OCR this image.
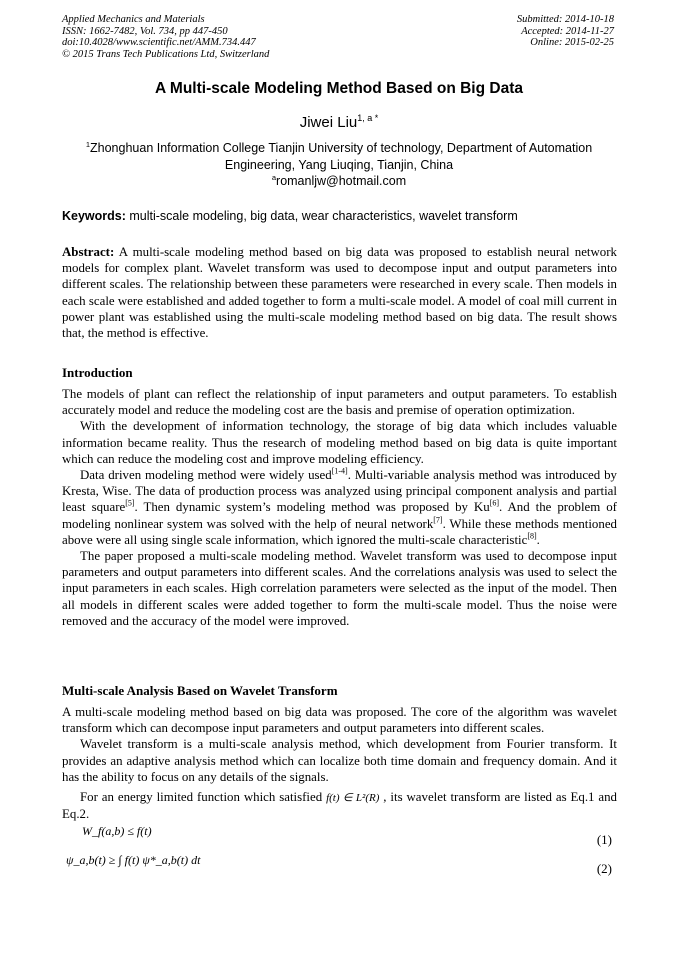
Applied Mechanics and Materials
ISSN: 1662-7482, Vol. 734, pp 447-450
doi:10.4028/www.scientific.net/AMM.734.447
© 2015 Trans Tech Publications Ltd, Switzerland
Submitted: 2014-10-18
Accepted: 2014-11-27
Online: 2015-02-25
A Multi-scale Modeling Method Based on Big Data
Jiwei Liu$^{1, a *}$
$^1$Zhonghuan Information College Tianjin University of technology, Department of Automation
Engineering, Yang Liuqing, Tianjin, China
$^a$romanljw@hotmail.com
Keywords: multi-scale modeling, big data, wear characteristics, wavelet transform

Abstract: A multi-scale modeling method based on big data was proposed to establish neural network models for complex plant. Wavelet transform was used to decompose input and output parameters into different scales. The relationship between these parameters were researched in every scale. Then models in each scale were established and added together to form a multi-scale model. A model of coal mill current in power plant was established using the multi-scale modeling method based on big data. The result shows that, the method is effective.

Introduction

The models of plant can reflect the relationship of input parameters and output parameters. To establish accurately model and reduce the modeling cost are the basis and premise of operation optimization.

With the development of information technology, the storage of big data which includes valuable information became reality. Thus the research of modeling method based on big data is quite important which can reduce the modeling cost and improve modeling efficiency.

Data driven modeling method were widely used[1-4]. Multi-variable analysis method was introduced by Kresta, Wise. The data of production process was analyzed using principal component analysis and partial least square[5]. Then dynamic system’s modeling method was proposed by Ku[6]. And the problem of modeling nonlinear system was solved with the help of neural network[7]. While these methods mentioned above were all using single scale information, which ignored the multi-scale characteristic[8].

The paper proposed a multi-scale modeling method. Wavelet transform was used to decompose input parameters and output parameters into different scales. And the correlations analysis was used to select the input parameters in each scales. High correlation parameters were selected as the input of the model. Then all models in different scales were added together to form the multi-scale model. Thus the noise were removed and the accuracy of the model were improved.

Multi-scale Analysis Based on Wavelet Transform

A multi-scale modeling method based on big data was proposed. The core of the algorithm was wavelet transform which can decompose input parameters and output parameters into different scales.

Wavelet transform is a multi-scale analysis method, which development from Fourier transform. It provides an adaptive analysis method which can localize both time domain and frequency domain. And it has the ability to focus on any details of the signals.

For an energy limited function which satisfied f(t) ∈ L²(R) , its wavelet transform are listed as Eq.1 and Eq.2.

W_f(a,b) ≤ f(t)
(1)
ψ_a,b(t) ≥ ∫ f(t) ψ*_a,b(t) dt
(2)
